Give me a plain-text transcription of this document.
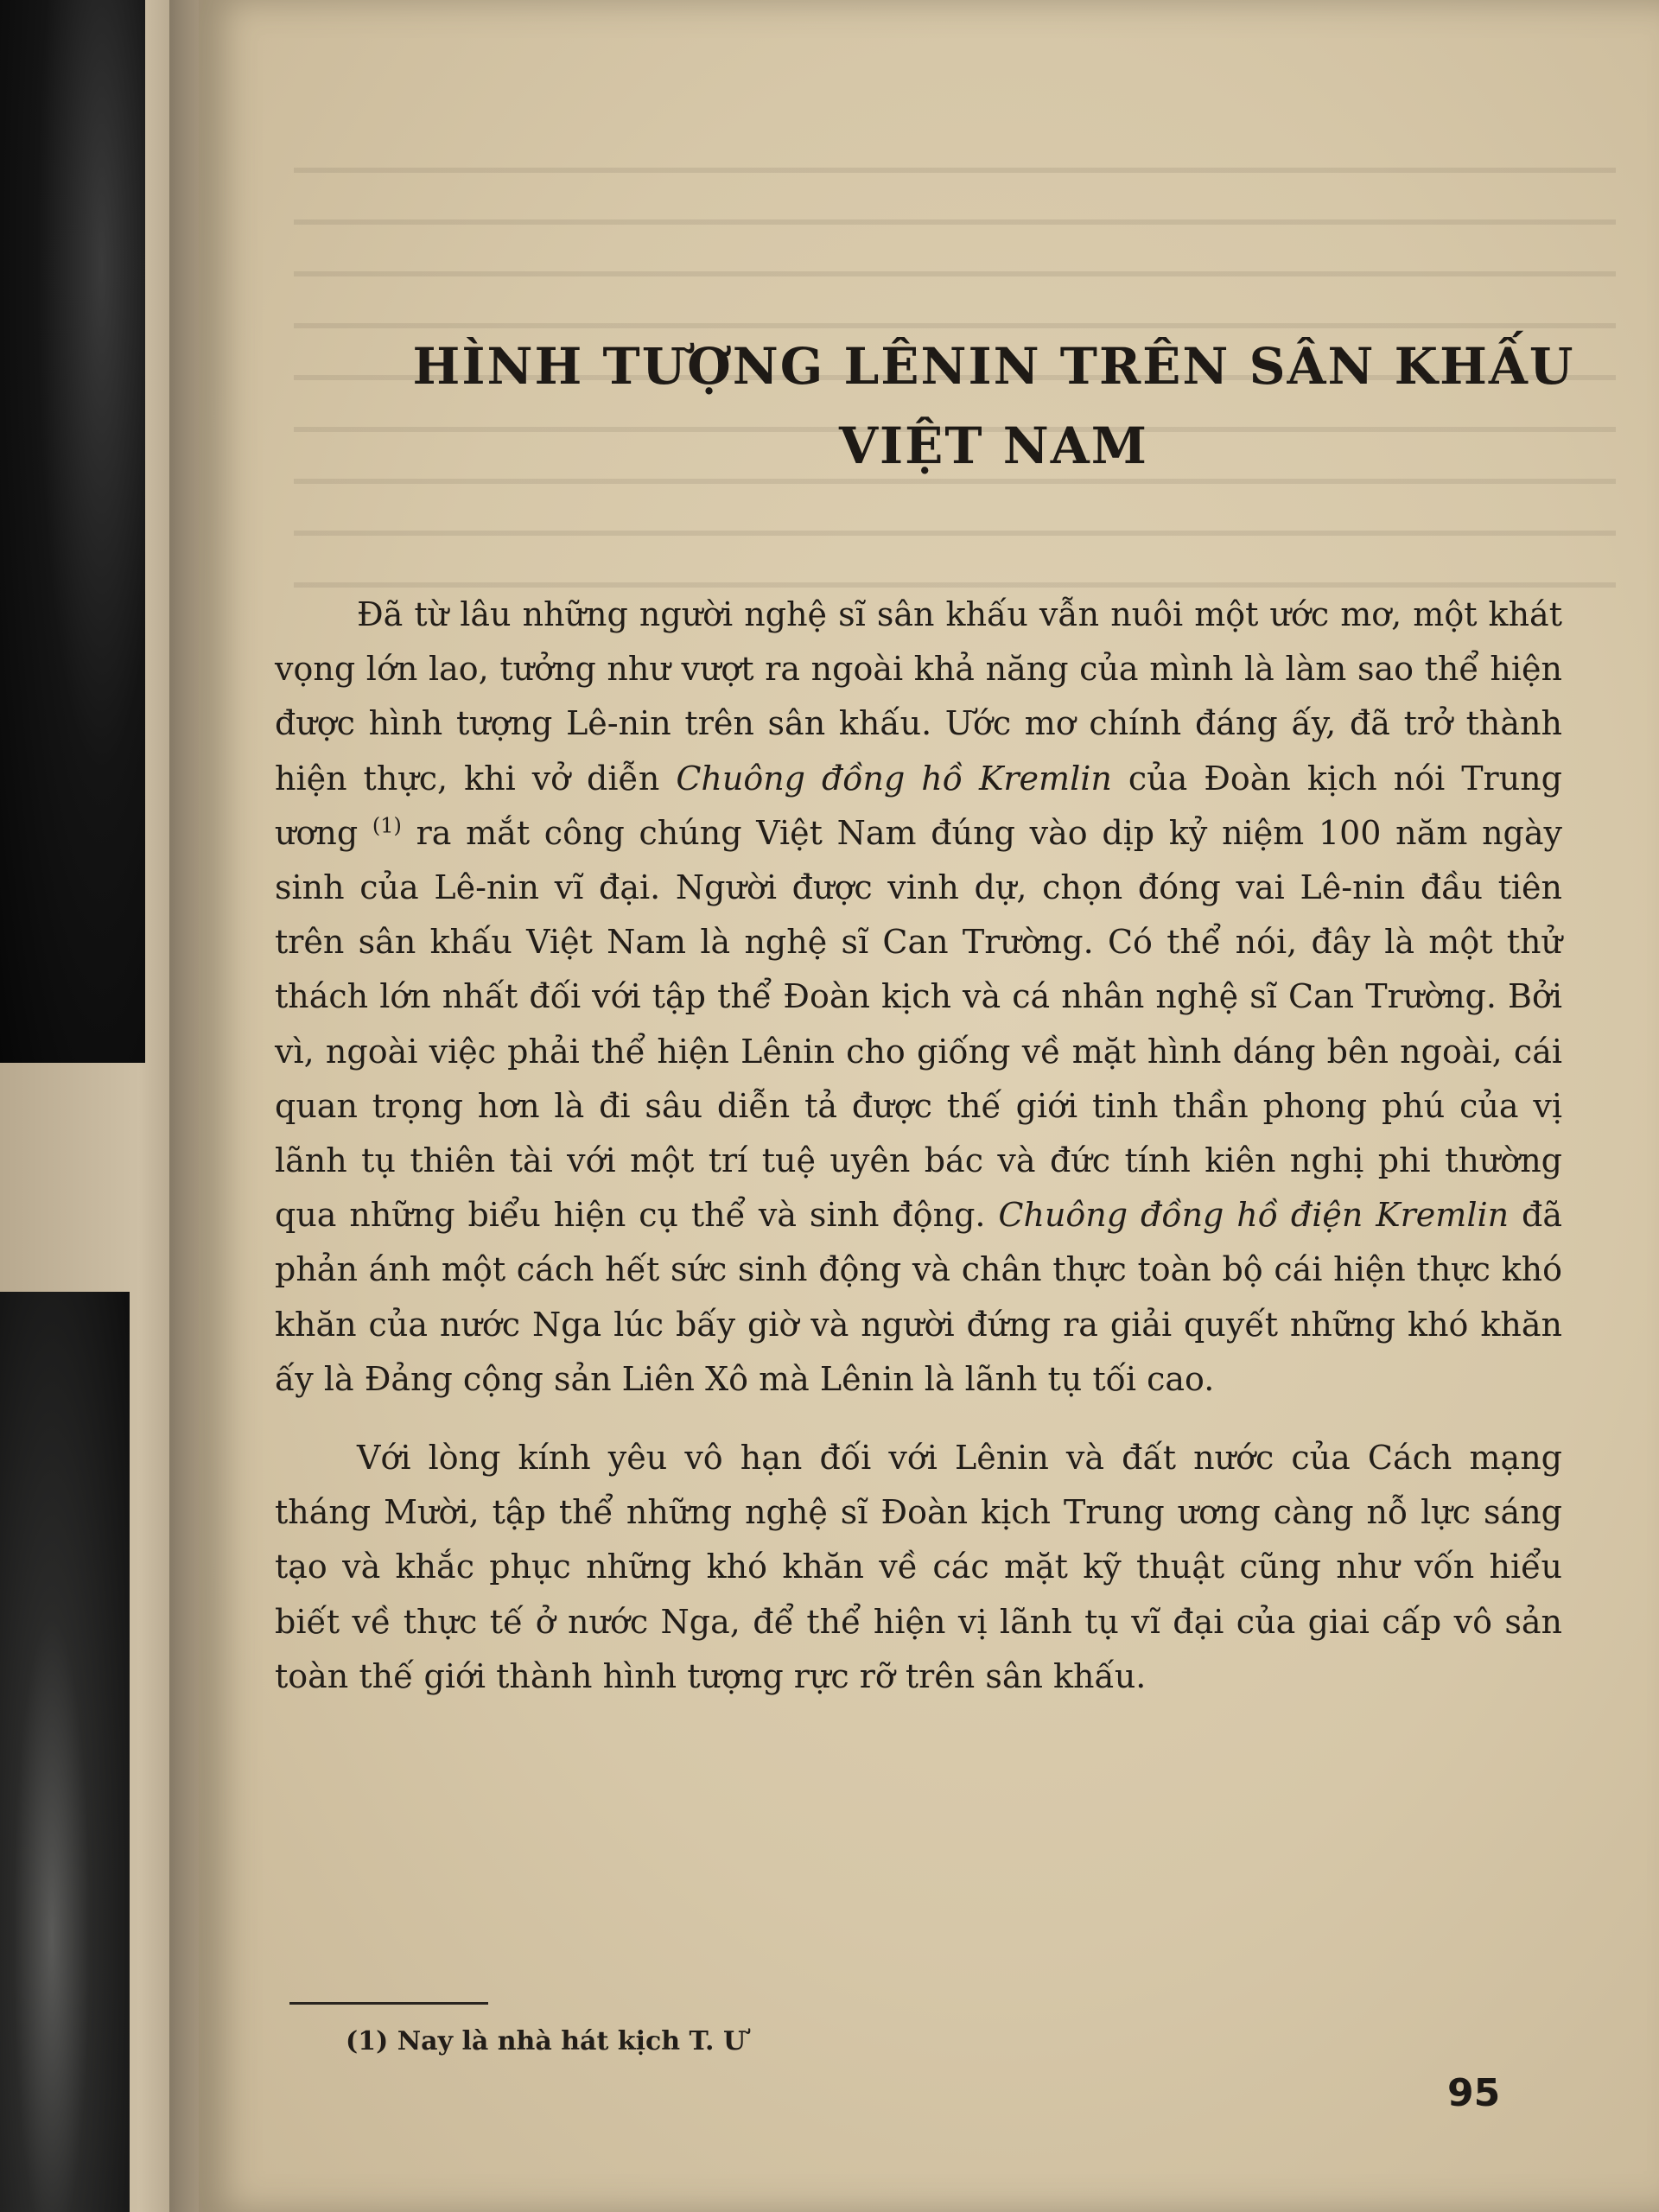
HÌNH TƯỢNG LÊNIN TRÊN SÂN KHẤU
VIỆT NAM

Đã từ lâu những người nghệ sĩ sân khấu vẫn nuôi một ước mơ, một khát vọng lớn lao, tưởng như vượt ra ngoài khả năng của mình là làm sao thể hiện được hình tượng Lê-nin trên sân khấu. Ước mơ chính đáng ấy, đã trở thành hiện thực, khi vở diễn Chuông đồng hồ Kremlin của Đoàn kịch nói Trung ương $^{(1)}$ ra mắt công chúng Việt Nam đúng vào dịp kỷ niệm 100 năm ngày sinh của Lê-nin vĩ đại. Người được vinh dự, chọn đóng vai Lê-nin đầu tiên trên sân khấu Việt Nam là nghệ sĩ Can Trường. Có thể nói, đây là một thử thách lớn nhất đối với tập thể Đoàn kịch và cá nhân nghệ sĩ Can Trường. Bởi vì, ngoài việc phải thể hiện Lênin cho giống về mặt hình dáng bên ngoài, cái quan trọng hơn là đi sâu diễn tả được thế giới tinh thần phong phú của vị lãnh tụ thiên tài với một trí tuệ uyên bác và đức tính kiên nghị phi thường qua những biểu hiện cụ thể và sinh động. Chuông đồng hồ điện Kremlin đã phản ánh một cách hết sức sinh động và chân thực toàn bộ cái hiện thực khó khăn của nước Nga lúc bấy giờ và người đứng ra giải quyết những khó khăn ấy là Đảng cộng sản Liên Xô mà Lênin là lãnh tụ tối cao.

Với lòng kính yêu vô hạn đối với Lênin và đất nước của Cách mạng tháng Mười, tập thể những nghệ sĩ Đoàn kịch Trung ương càng nỗ lực sáng tạo và khắc phục những khó khăn về các mặt kỹ thuật cũng như vốn hiểu biết về thực tế ở nước Nga, để thể hiện vị lãnh tụ vĩ đại của giai cấp vô sản toàn thế giới thành hình tượng rực rỡ trên sân khấu.

(1) Nay là nhà hát kịch T. Ư

95
